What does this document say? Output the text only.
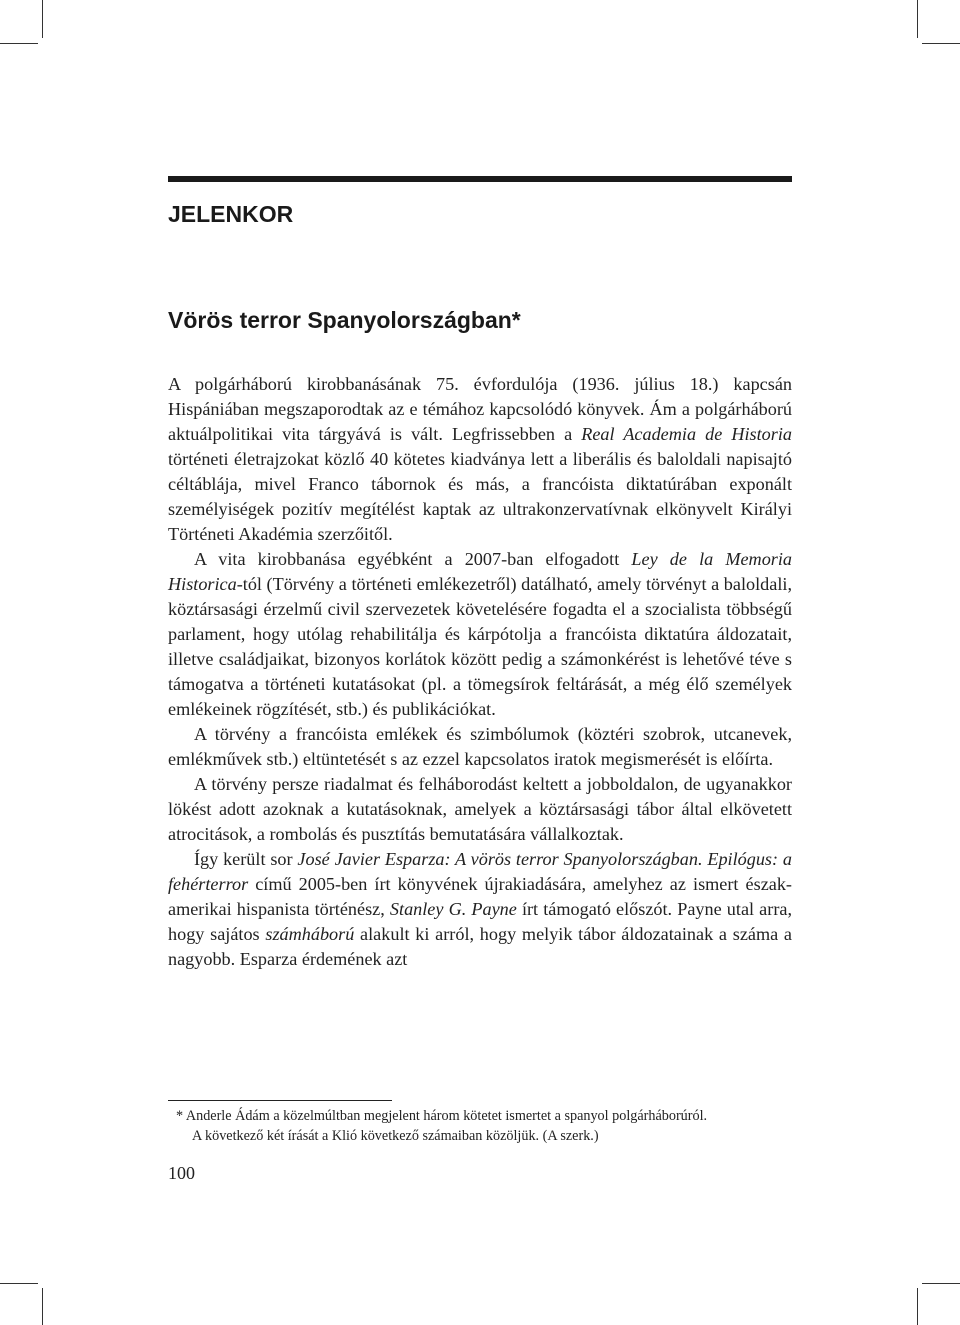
JELENKOR
Vörös terror Spanyolországban*

A polgárháború kirobbanásának 75. évfordulója (1936. július 18.) kapcsán Hispániában megszaporodtak az e témához kapcsolódó könyvek. Ám a polgárháború aktuálpolitikai vita tárgyává is vált. Legfrissebben a Real Academia de Historia történeti életrajzokat közlő 40 kötetes kiadványa lett a liberális és baloldali napisajtó céltáblája, mivel Franco tábornok és más, a francóista diktatúrában exponált személyiségek pozitív megítélést kaptak az ultrakonzervatívnak elkönyvelt Királyi Történeti Akadémia szerzőitől.

A vita kirobbanása egyébként a 2007-ban elfogadott Ley de la Memoria Historica-tól (Törvény a történeti emlékezetről) datálható, amely törvényt a baloldali, köztársasági érzelmű civil szervezetek követelésére fogadta el a szocialista többségű parlament, hogy utólag rehabilitálja és kárpótolja a francóista diktatúra áldozatait, illetve családjaikat, bizonyos korlátok között pedig a számonkérést is lehetővé téve s támogatva a történeti kutatásokat (pl. a tömegsírok feltárását, a még élő személyek emlékeinek rögzítését, stb.) és publikációkat.

A törvény a francóista emlékek és szimbólumok (köztéri szobrok, utcanevek, emlékművek stb.) eltüntetését s az ezzel kapcsolatos iratok megismerését is előírta.

A törvény persze riadalmat és felháborodást keltett a jobboldalon, de ugyanakkor lökést adott azoknak a kutatásoknak, amelyek a köztársasági tábor által elkövetett atrocitások, a rombolás és pusztítás bemutatására vállalkoztak.

Így került sor José Javier Esparza: A vörös terror Spanyolországban. Epilógus: a fehérterror című 2005-ben írt könyvének újrakiadására, amelyhez az ismert észak-amerikai hispanista történész, Stanley G. Payne írt támogató előszót. Payne utal arra, hogy sajátos számháború alakult ki arról, hogy melyik tábor áldozatainak a száma a nagyobb. Esparza érdemének azt

* Anderle Ádám a közelmúltban megjelent három kötetet ismertet a spanyol polgárháborúról.
A következő két írását a Klió következő számaiban közöljük. (A szerk.)
100
